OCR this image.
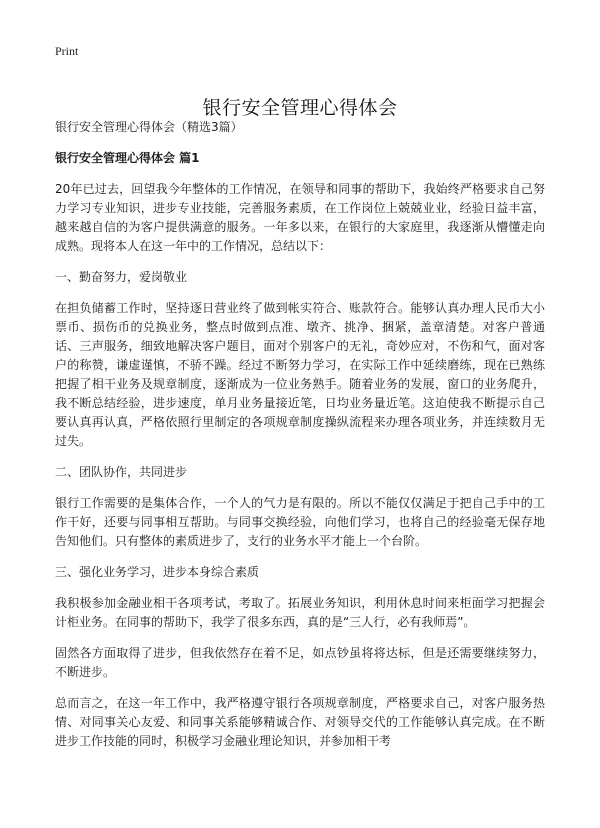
Print
银行安全管理心得体会

银行安全管理心得体会（精选3篇）

银行安全管理心得体会 篇1

20年已过去，回望我今年整体的工作情况，在领导和同事的帮助下，我始终严格要求自己努力学习专业知识，进步专业技能，完善服务素质，在工作岗位上兢兢业业，经验日益丰富，越来越自信的为客户提供满意的服务。一年多以来，在银行的大家庭里，我逐渐从懵懂走向成熟。现将本人在这一年中的工作情况，总结以下：

一、勤奋努力，爱岗敬业

在担负储蓄工作时，坚持逐日营业终了做到帐实符合、账款符合。能够认真办理人民币大小票币、损伤币的兑换业务，整点时做到点准、墩齐、挑净、捆紧，盖章清楚。对客户普通话、三声服务，细致地解决客户题目，面对个别客户的无礼，奇妙应对，不伤和气，面对客户的称赞，谦虚谨慎，不骄不躁。经过不断努力学习，在实际工作中延续磨练，现在已熟练把握了相干业务及规章制度，逐渐成为一位业务熟手。随着业务的发展，窗口的业务爬升，我不断总结经验，进步速度，单月业务量接近笔，日均业务量近笔。这迫使我不断提示自己要认真再认真，严格依照行里制定的各项规章制度操纵流程来办理各项业务，并连续数月无过失。

二、团队协作，共同进步

银行工作需要的是集体合作，一个人的气力是有限的。所以不能仅仅满足于把自己手中的工作干好，还要与同事相互帮助。与同事交换经验，向他们学习，也将自己的经验毫无保存地告知他们。只有整体的素质进步了，支行的业务水平才能上一个台阶。

三、强化业务学习，进步本身综合素质

我积极参加金融业相干各项考试，考取了。拓展业务知识，利用休息时间来柜面学习把握会计柜业务。在同事的帮助下，我学了很多东西，真的是“三人行，必有我师焉”。

固然各方面取得了进步，但我依然存在着不足，如点钞虽将将达标，但是还需要继续努力，不断进步。

总而言之，在这一年工作中，我严格遵守银行各项规章制度，严格要求自己，对客户服务热情、对同事关心友爱、和同事关系能够精诚合作、对领导交代的工作能够认真完成。在不断进步工作技能的同时，积极学习金融业理论知识，并参加相干考
